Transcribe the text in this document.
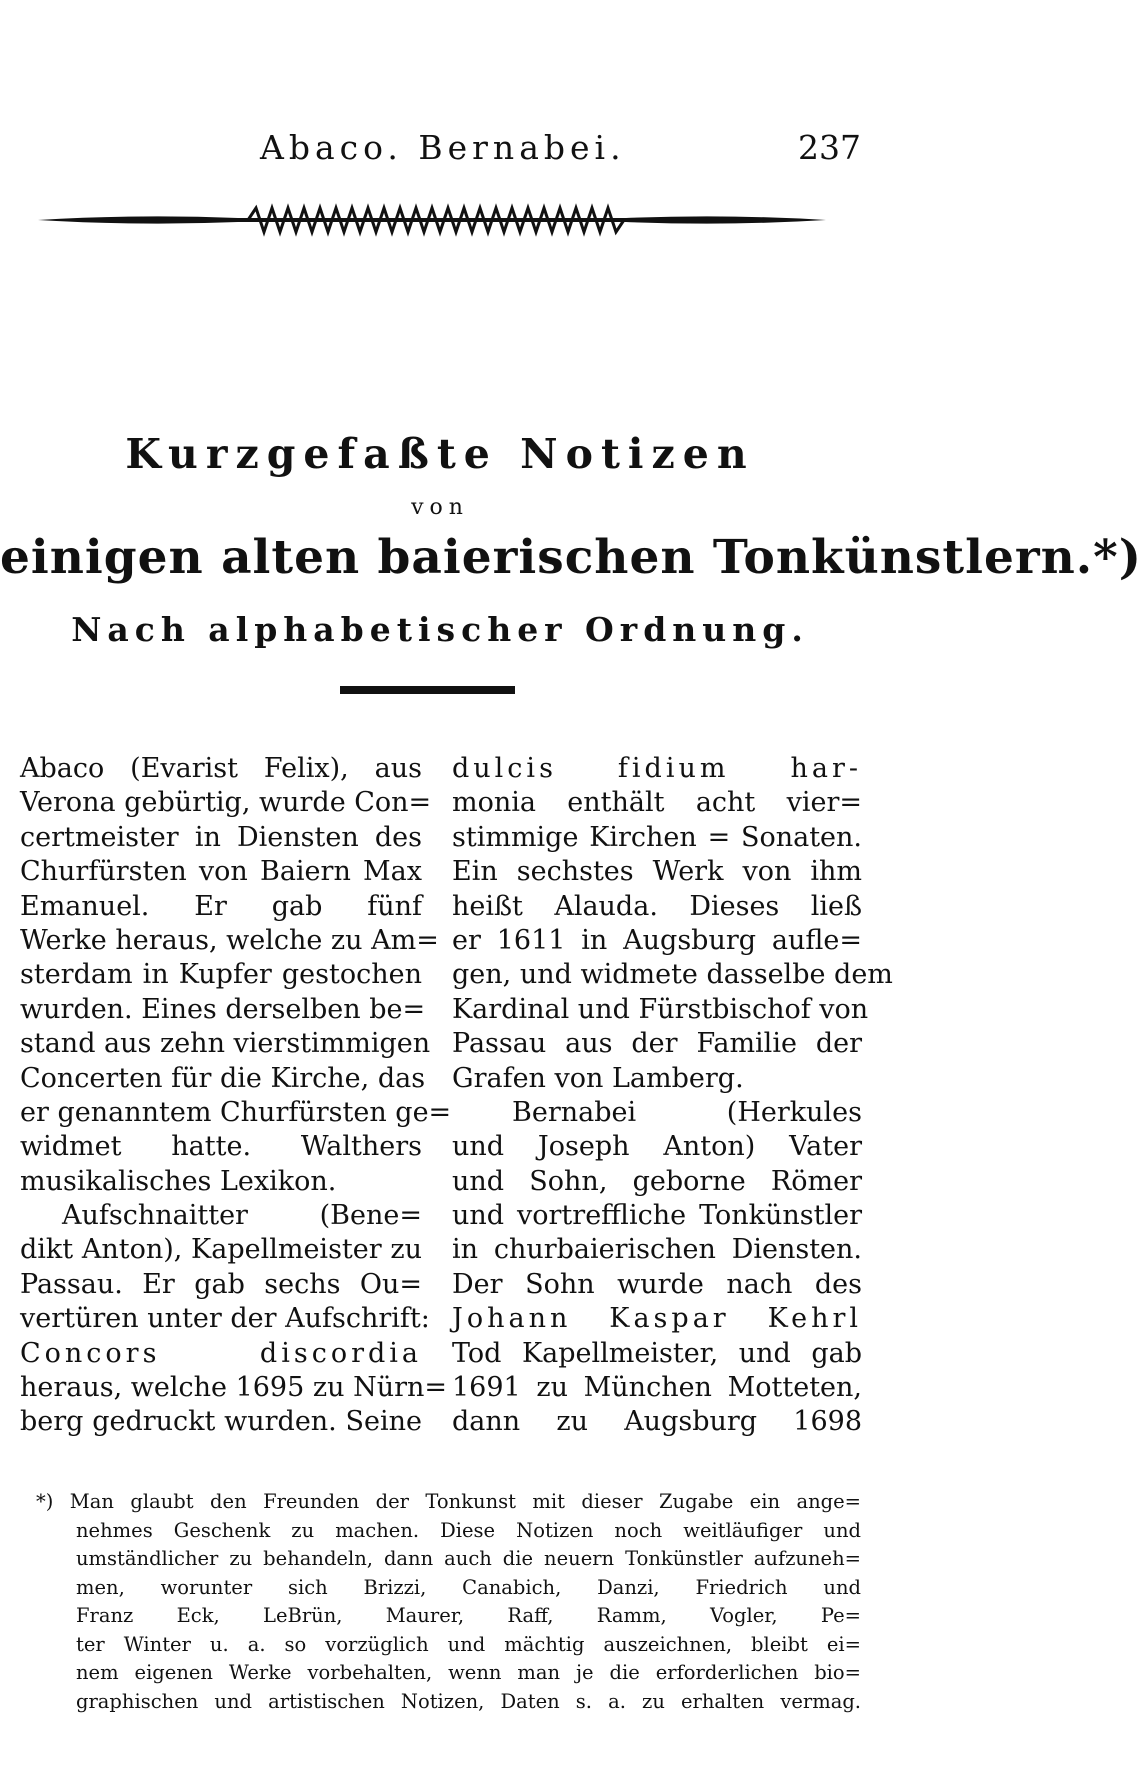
Abaco. Bernabei.	237
Kurzgefaßte Notizen
von
einigen alten baierischen Tonkünstlern.*)
Nach alphabetischer Ordnung.
Abaco (Evarist Felix), aus
Verona gebürtig, wurde Con=
certmeister in Diensten des
Churfürsten von Baiern Max
Emanuel. Er gab fünf
Werke heraus, welche zu Am=
sterdam in Kupfer gestochen
wurden. Eines derselben be=
stand aus zehn vierstimmigen
Concerten für die Kirche, das
er genanntem Churfürsten ge=
widmet hatte. Walthers
musikalisches Lexikon.
Aufschnaitter (Bene=
dikt Anton), Kapellmeister zu
Passau. Er gab sechs Ou=
vertüren unter der Aufschrift:
Concors discordia
heraus, welche 1695 zu Nürn=
berg gedruckt wurden. Seine
dulcis fidium har-
monia enthält acht vier=
stimmige Kirchen = Sonaten.
Ein sechstes Werk von ihm
heißt Alauda. Dieses ließ
er 1611 in Augsburg aufle=
gen, und widmete dasselbe dem
Kardinal und Fürstbischof von
Passau aus der Familie der
Grafen von Lamberg.
Bernabei (Herkules
und Joseph Anton) Vater
und Sohn, geborne Römer
und vortreffliche Tonkünstler
in churbaierischen Diensten.
Der Sohn wurde nach des
Johann Kaspar Kehrl
Tod Kapellmeister, und gab
1691 zu München Motteten,
dann zu Augsburg 1698
*) Man glaubt den Freunden der Tonkunst mit dieser Zugabe ein ange=
nehmes Geschenk zu machen. Diese Notizen noch weitläufiger und
umständlicher zu behandeln, dann auch die neuern Tonkünstler aufzuneh=
men, worunter sich Brizzi, Canabich, Danzi, Friedrich und
Franz Eck, LeBrün, Maurer, Raff, Ramm, Vogler, Pe=
ter Winter u. a. so vorzüglich und mächtig auszeichnen, bleibt ei=
nem eigenen Werke vorbehalten, wenn man je die erforderlichen bio=
graphischen und artistischen Notizen, Daten s. a. zu erhalten vermag.
